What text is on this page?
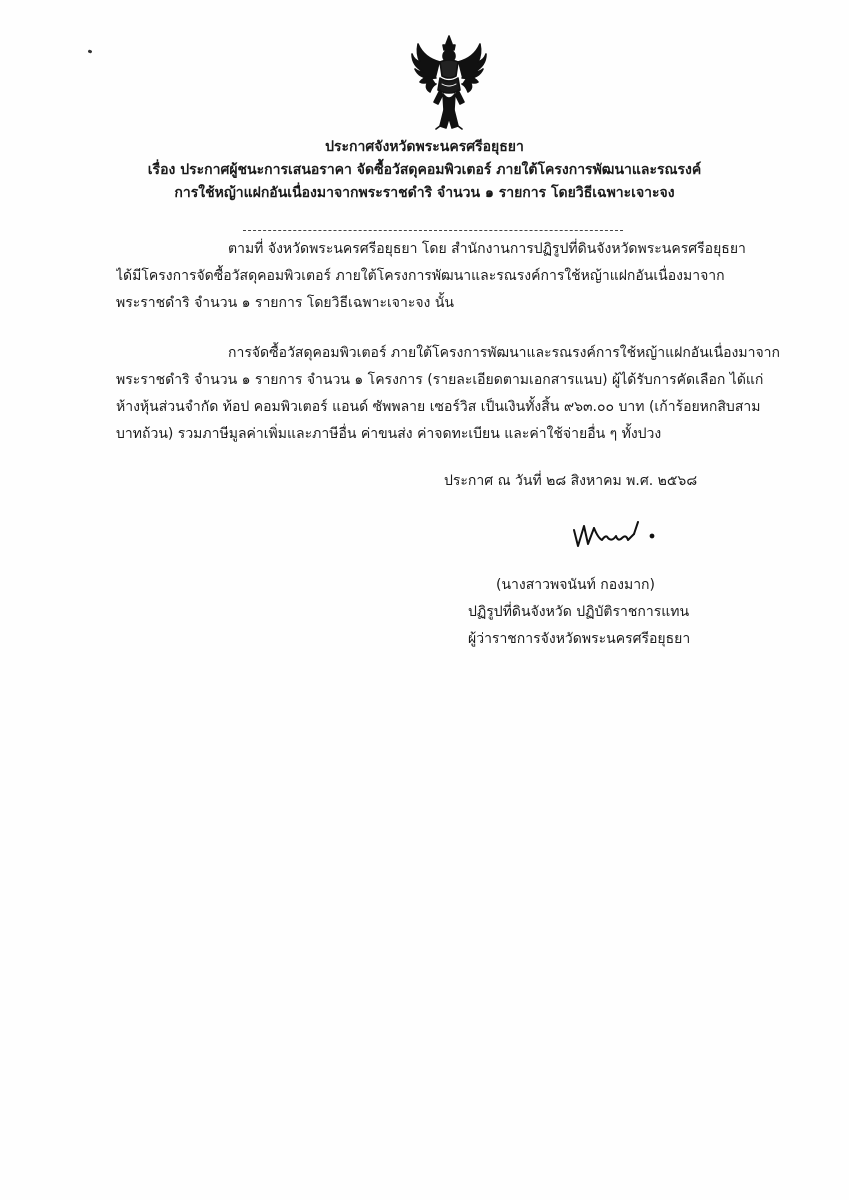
ประกาศจังหวัดพระนครศรีอยุธยา
เรื่อง ประกาศผู้ชนะการเสนอราคา จัดซื้อวัสดุคอมพิวเตอร์ ภายใต้โครงการพัฒนาและรณรงค์
การใช้หญ้าแฝกอันเนื่องมาจากพระราชดำริ จำนวน ๑ รายการ โดยวิธีเฉพาะเจาะจง
ตามที่ จังหวัดพระนครศรีอยุธยา โดย สำนักงานการปฏิรูปที่ดินจังหวัดพระนครศรีอยุธยา
ได้มีโครงการจัดซื้อวัสดุคอมพิวเตอร์ ภายใต้โครงการพัฒนาและรณรงค์การใช้หญ้าแฝกอันเนื่องมาจาก
พระราชดำริ จำนวน ๑ รายการ โดยวิธีเฉพาะเจาะจง นั้น
การจัดซื้อวัสดุคอมพิวเตอร์ ภายใต้โครงการพัฒนาและรณรงค์การใช้หญ้าแฝกอันเนื่องมาจาก
พระราชดำริ จำนวน ๑ รายการ จำนวน ๑ โครงการ (รายละเอียดตามเอกสารแนบ) ผู้ได้รับการคัดเลือก ได้แก่
ห้างหุ้นส่วนจำกัด ท้อป คอมพิวเตอร์ แอนด์ ซัพพลาย เซอร์วิส เป็นเงินทั้งสิ้น ๙๖๓.๐๐ บาท (เก้าร้อยหกสิบสาม
บาทถ้วน) รวมภาษีมูลค่าเพิ่มและภาษีอื่น ค่าขนส่ง ค่าจดทะเบียน และค่าใช้จ่ายอื่น ๆ ทั้งปวง
ประกาศ ณ วันที่ ๒๘ สิงหาคม พ.ศ. ๒๕๖๘
(นางสาวพจนันท์ กองมาก)
ปฏิรูปที่ดินจังหวัด ปฏิบัติราชการแทน
ผู้ว่าราชการจังหวัดพระนครศรีอยุธยา
